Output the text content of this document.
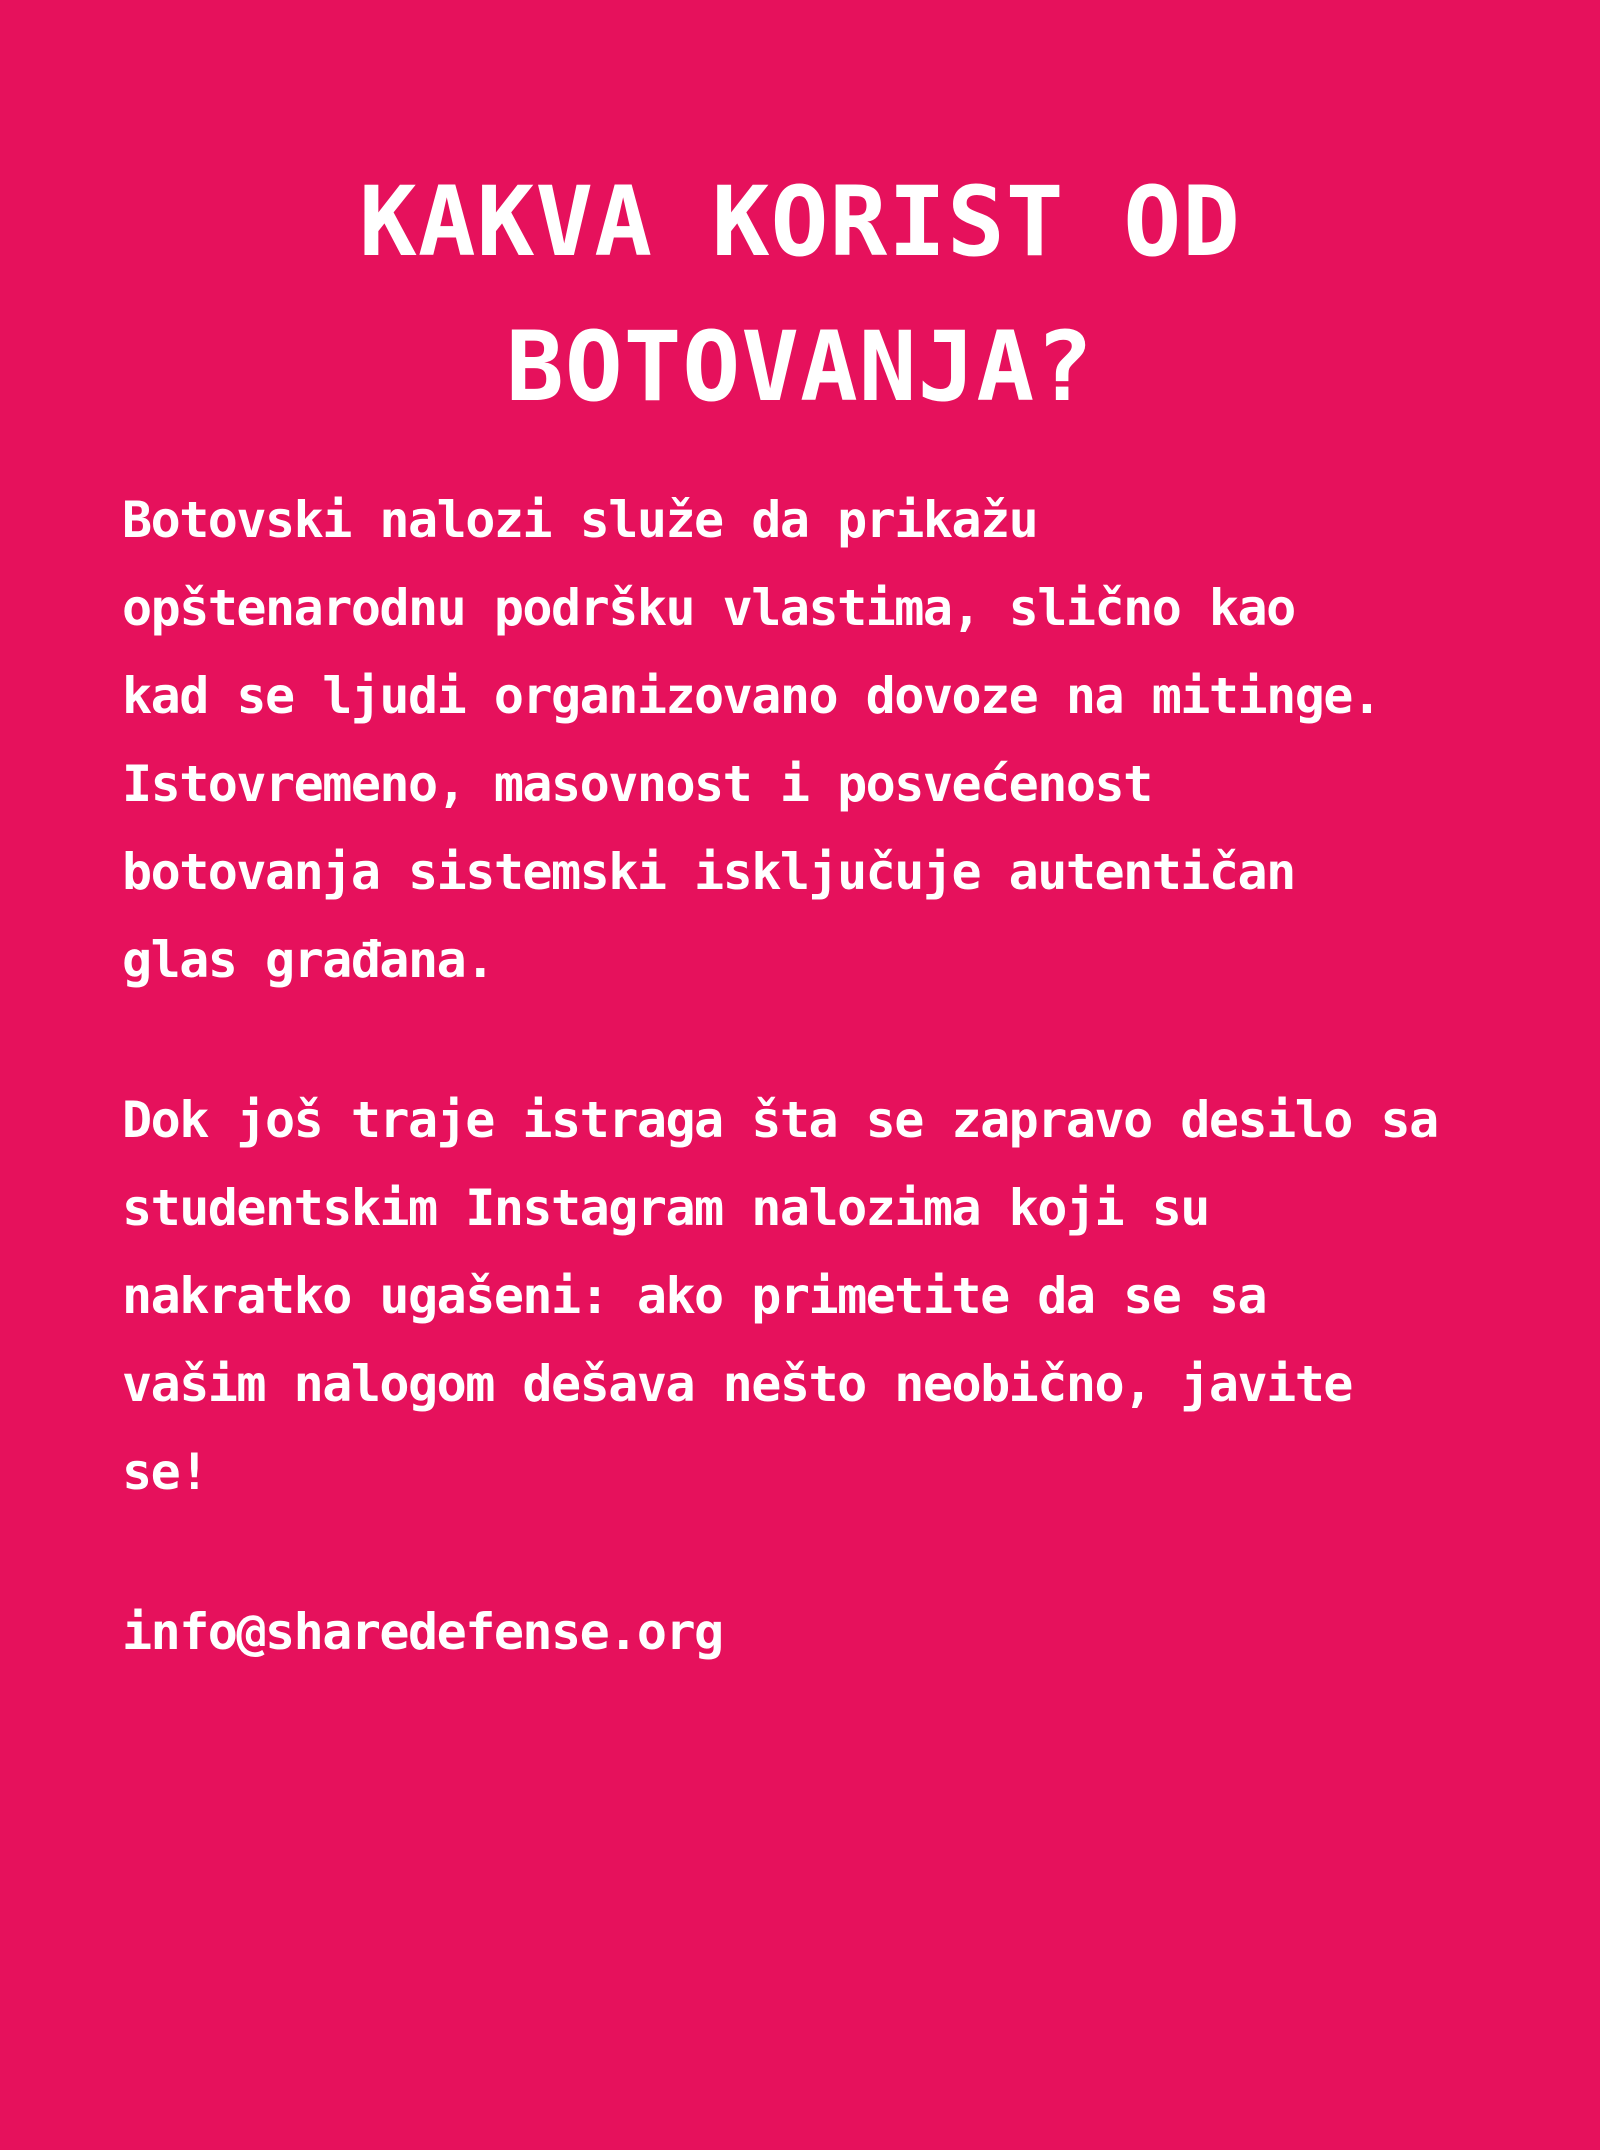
KAKVA KORIST OD
BOTOVANJA?
Botovski nalozi služe da prikažu
opštenarodnu podršku vlastima, slično kao
kad se ljudi organizovano dovoze na mitinge.
Istovremeno, masovnost i posvećenost
botovanja sistemski isključuje autentičan
glas građana.
Dok još traje istraga šta se zapravo desilo sa
studentskim Instagram nalozima koji su
nakratko ugašeni: ako primetite da se sa
vašim nalogom dešava nešto neobično, javite
se!
info@sharedefense.org
